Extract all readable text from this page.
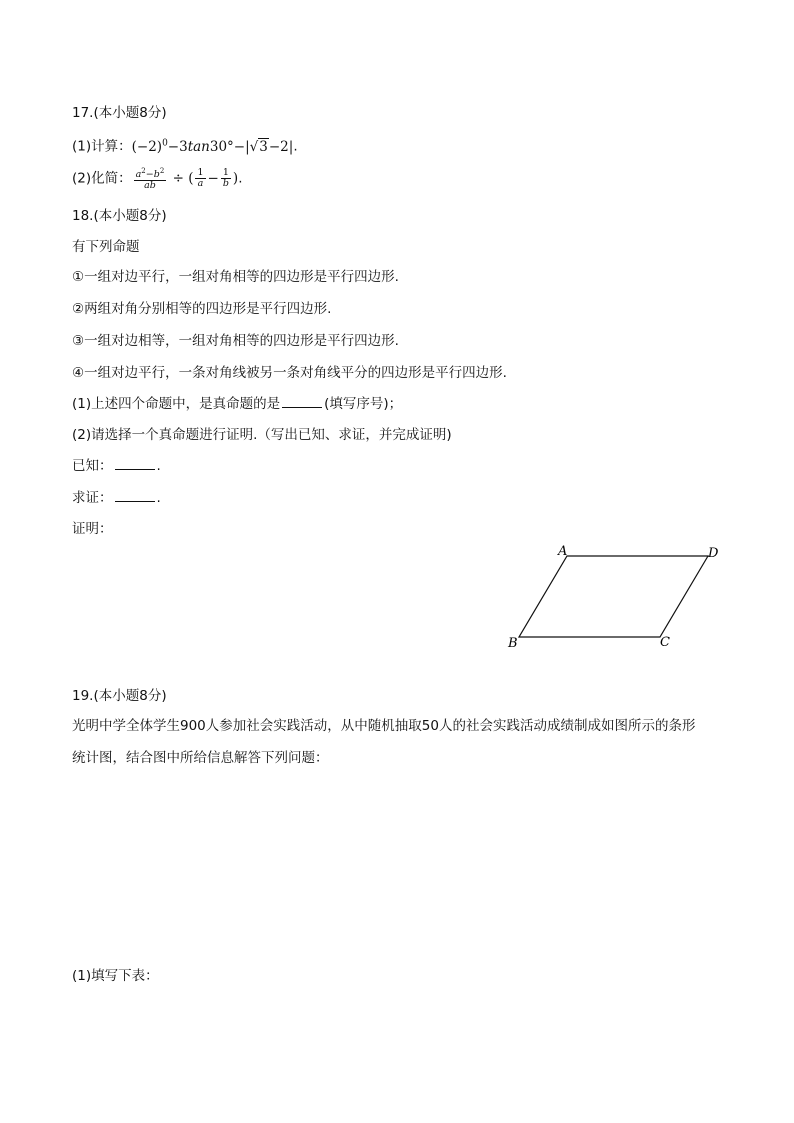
17.(本小题8分)
(1)计算：$(-2)^0-3\tan 30^\circ-|√3-2|$.
(2)化简： $\frac{a^2-b^2}{ab}$ ÷ ( $\frac{1}{a} - \frac{1}{b}$ ).
18.(本小题8分)
有下列命题
①一组对边平行，一组对角相等的四边形是平行四边形.
②两组对角分别相等的四边形是平行四边形.
③一组对边相等，一组对角相等的四边形是平行四边形.
④一组对边平行，一条对角线被另一条对角线平分的四边形是平行四边形.
(1)上述四个命题中，是真命题的是	(填写序号)；
(2)请选择一个真命题进行证明.（写出已知、求证，并完成证明)
已知：	.
求证：	.
证明：
A	D
B	C
19.(本小题8分)
光明中学全体学生900人参加社会实践活动，从中随机抽取50人的社会实践活动成绩制成如图所示的条形
统计图，结合图中所给信息解答下列问题：
(1)填写下表：
